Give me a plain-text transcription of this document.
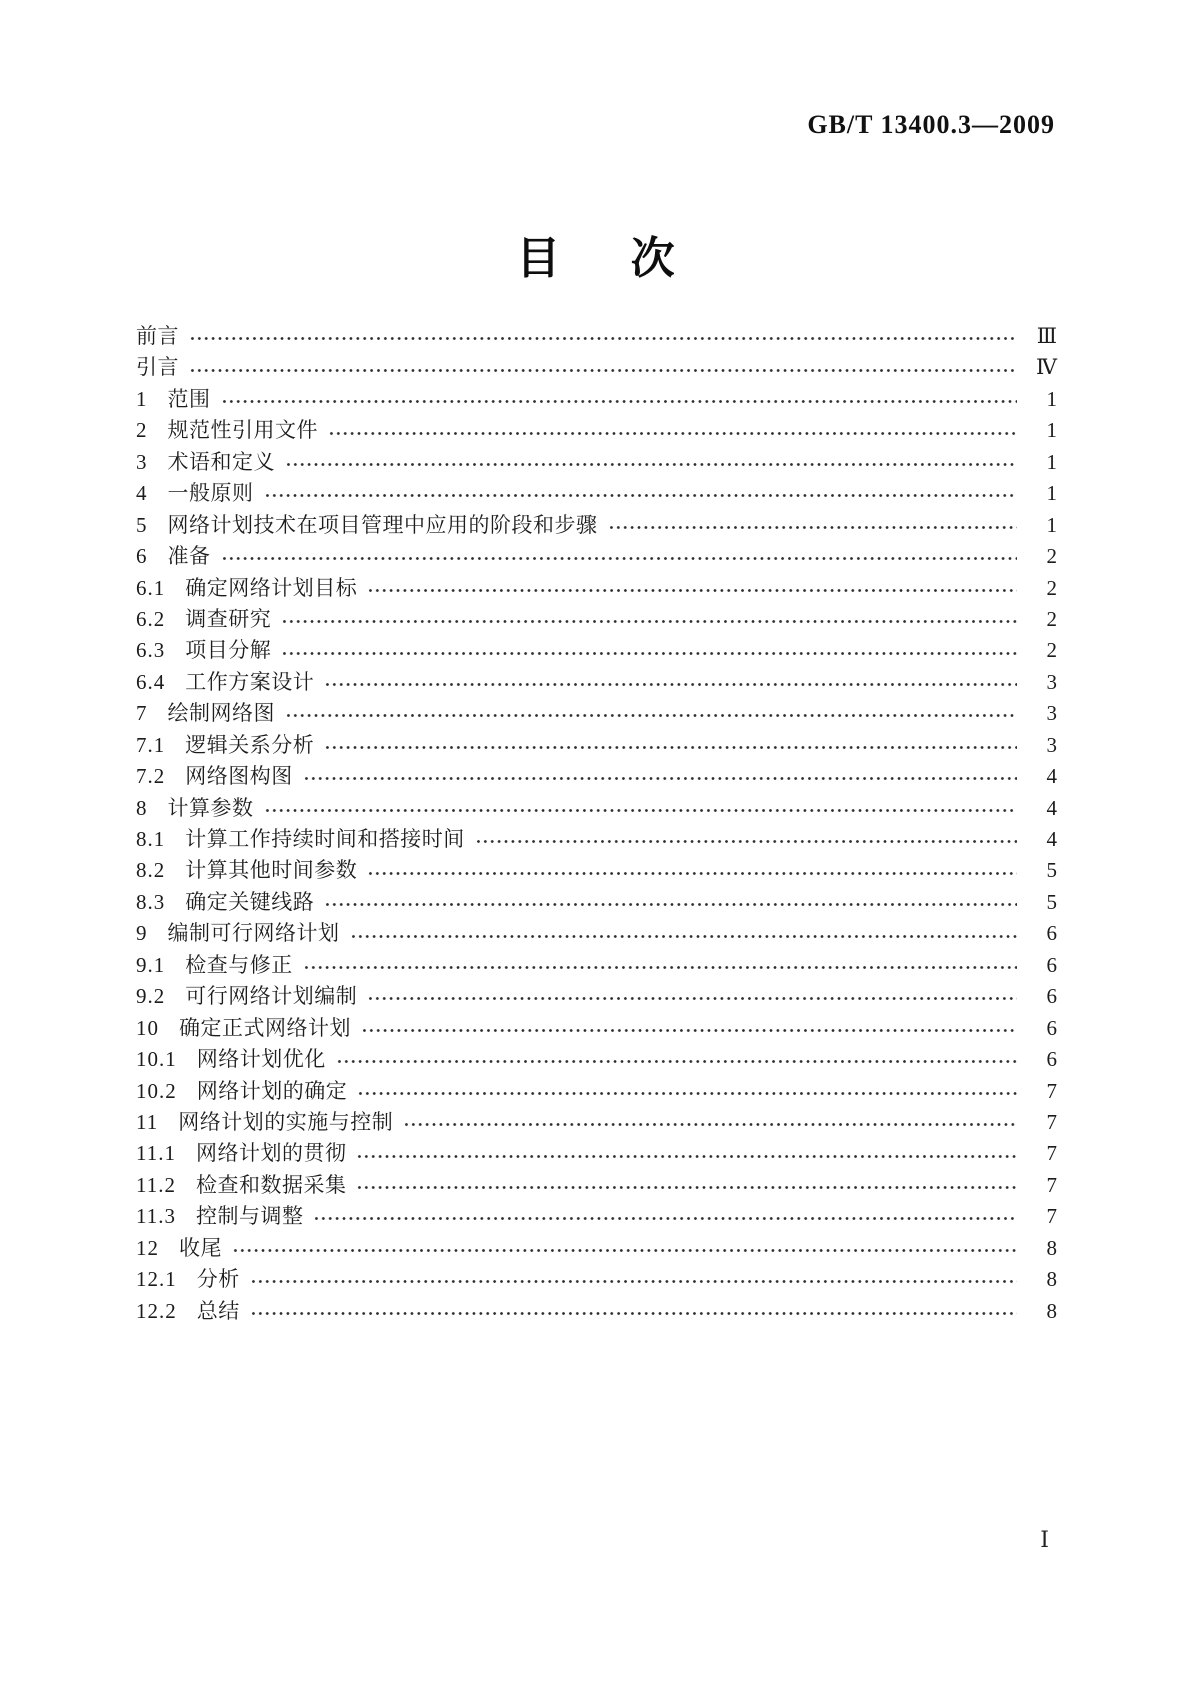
GB/T 13400.3—2009
目　次
前言	Ⅲ
引言	Ⅳ
1 范围	1
2 规范性引用文件	1
3 术语和定义	1
4 一般原则	1
5 网络计划技术在项目管理中应用的阶段和步骤	1
6 准备	2
6.1 确定网络计划目标	2
6.2 调查研究	2
6.3 项目分解	2
6.4 工作方案设计	3
7 绘制网络图	3
7.1 逻辑关系分析	3
7.2 网络图构图	4
8 计算参数	4
8.1 计算工作持续时间和搭接时间	4
8.2 计算其他时间参数	5
8.3 确定关键线路	5
9 编制可行网络计划	6
9.1 检查与修正	6
9.2 可行网络计划编制	6
10 确定正式网络计划	6
10.1 网络计划优化	6
10.2 网络计划的确定	7
11 网络计划的实施与控制	7
11.1 网络计划的贯彻	7
11.2 检查和数据采集	7
11.3 控制与调整	7
12 收尾	8
12.1 分析	8
12.2 总结	8
Ⅰ
